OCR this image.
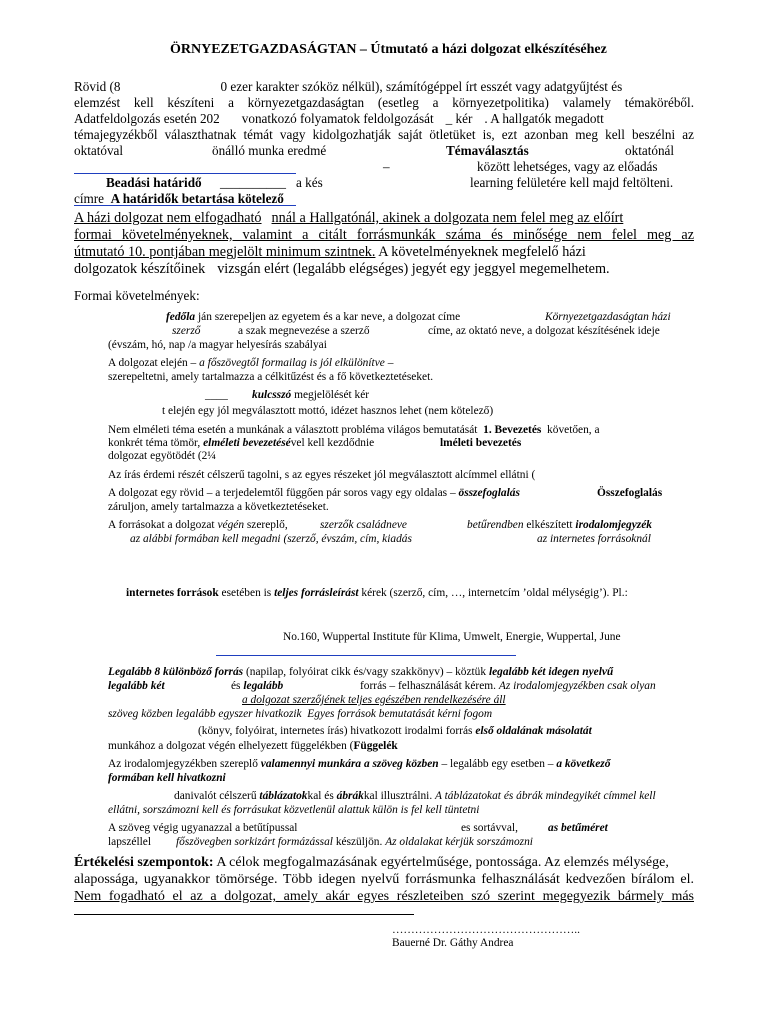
ÖRNYEZETGAZDASÁGTAN – Útmutató a házi dolgozat elkészítéséhez
Rövid (8	0 ezer karakter szóköz nélkül), számítógéppel írt esszét vagy adatgyűjtést és
elemzést kell készíteni a környezetgazdaságtan (esetleg a környezetpolitika) valamely témaköréből.
Adatfeldolgozás esetén 202 vonatkozó folyamatok feldolgozását _ kér . A hallgatók megadott
témajegyzékből választhatnak témát vagy kidolgozhatják saját ötletüket is, ezt azonban meg kell beszélni az
oktatóval	önálló munka eredmé	Témaválasztás	oktatónál
–	között lehetséges, vagy az előadás
Beadási határidő __________ a kés	learning felületére kell majd feltölteni.
címre A határidők betartása kötelező
A házi dolgozat nem elfogadható nnál a Hallgatónál, akinek a dolgozata nem felel meg az előírt
formai követelményeknek, valamint a citált forrásmunkák száma és minősége nem felel meg az
útmutató 10. pontjában megjelölt minimum szintnek. A követelményeknek megfelelő házi
dolgozatok készítőinek vizsgán elért (legalább elégséges) jegyét egy jeggyel megemelhetem.
Formai követelmények:
fedőla ján szerepeljen az egyetem és a kar neve, a dolgozat címe	Környezetgazdaságtan házi
szerző	a szak megnevezése a szerző	címe, az oktató neve, a dolgozat készítésének ideje
(évszám, hó, nap /a magyar helyesírás szabályai
A dolgozat elején – a főszövegtől formailag is jól elkülönítve –
szerepeltetni, amely tartalmazza a célkitűzést és a fő következtetéseket.
____ kulcsszó megjelölését kér
t elején egy jól megválasztott mottó, idézet hasznos lehet (nem kötelező)
Nem elméleti téma esetén a munkának a választott probléma világos bemutatását 1. Bevezetés követően, a
konkrét téma tömör, elméleti bevezetésével kell kezdődnie	lméleti bevezetés
dolgozat egyötödét (2¼
Az írás érdemi részét célszerű tagolni, s az egyes részeket jól megválasztott alcímmel ellátni (
A dolgozat egy rövid – a terjedelemtől függően pár soros vagy egy oldalas – összefoglalás	Összefoglalás
záruljon, amely tartalmazza a következtetéseket.
A forrásokat a dolgozat végén szereplő,	szerzők családneve	betűrendben elkészített irodalomjegyzék
az alábbi formában kell megadni (szerző, évszám, cím, kiadás	az internetes forrásoknál
internetes források esetében is teljes forrásleírást kérek (szerző, cím, …, internetcím ’oldal mélységig’). Pl.:
No.160, Wuppertal Institute für Klima, Umwelt, Energie, Wuppertal, June
Legalább 8 különböző forrás (napilap, folyóirat cikk és/vagy szakkönyv) – köztük legalább két idegen nyelvű
legalább két	és legalább	forrás – felhasználását kérem. Az irodalomjegyzékben csak olyan
a dolgozat szerzőjének teljes egészében rendelkezésére áll
szöveg közben legalább egyszer hivatkozik Egyes források bemutatását kérni fogom
(könyv, folyóirat, internetes írás) hivatkozott irodalmi forrás első oldalának másolatát
munkához a dolgozat végén elhelyezett függelékben (Függelék
Az irodalomjegyzékben szereplő valamennyi munkára a szöveg közben – legalább egy esetben – a következő
formában kell hivatkozni
danivalót célszerű táblázatokkal és ábrákkal illusztrálni. A táblázatokat és ábrák mindegyikét címmel kell
ellátni, sorszámozni kell és forrásukat közvetlenül alattuk külön is fel kell tüntetni
A szöveg végig ugyanazzal a betűtípussal	es sortávval,	as betűméret
lapszéllel főszövegben sorkizárt formázással készüljön. Az oldalakat kérjük sorszámozni
Értékelési szempontok: A célok megfogalmazásának egyértelműsége, pontossága. Az elemzés mélysége,
alapossága, ugyanakkor tömörsége. Több idegen nyelvű forrásmunka felhasználását kedvezően bírálom el.
Nem fogadható el az a dolgozat, amely akár egyes részleteiben szó szerint megegyezik bármely más
…………………………………………..
Bauerné Dr. Gáthy Andrea
